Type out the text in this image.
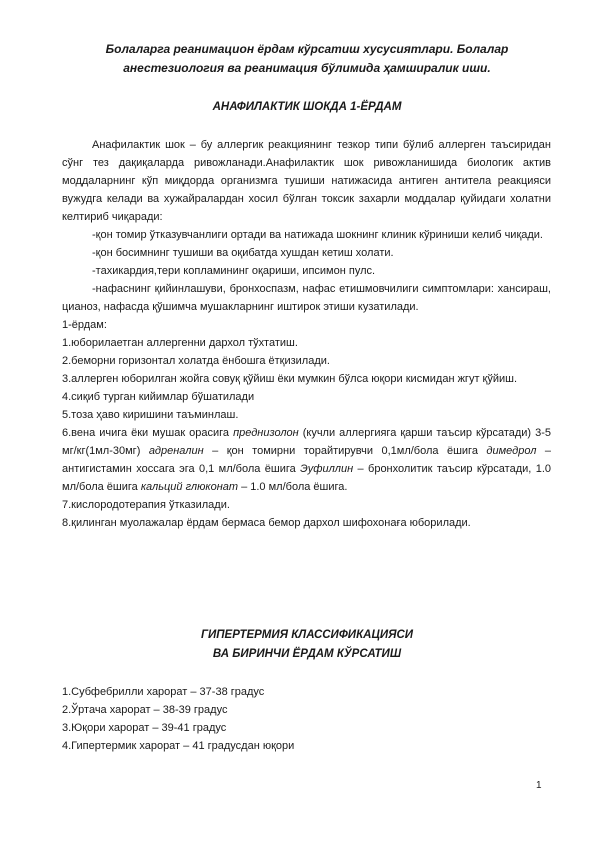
Болаларга реанимацион ёрдам кўрсатиш хусусиятлари. Болалар анестезиология ва реанимация бўлимида ҳамширалик иши.

АНАФИЛАКТИК ШОКДА 1-ЁРДАМ

Анафилактик шок – бу аллергик реакциянинг тезкор типи бўлиб аллерген таъсиридан сўнг тез дақиқаларда ривожланади.Анафилактик шок ривожланишида биологик актив моддаларнинг кўп миқдорда организмга тушиши натижасида антиген антитела реакцияси вужудга келади ва хужайралардан хосил бўлган токсик захарли моддалар қуйидаги холатни келтириб чиқаради:

-қон томир ўтказувчанлиги ортади ва натижада шокнинг клиник кўриниши келиб чиқади.

-қон босимнинг тушиши ва оқибатда хушдан кетиш холати.

-тахикардия,тери копламининг оқариши, ипсимон пулс.

-нафаснинг қийинлашуви, бронхоспазм, нафас етишмовчилиги симптомлари: хансираш, цианоз, нафасда қўшимча мушакларнинг иштирок этиши кузатилади.

1-ёрдам:

1.юборилаетган аллергенни дархол тўхтатиш.

2.беморни горизонтал холатда ёнбошга ётқизилади.

3.аллерген юборилган жойга совуқ қўйиш ёки мумкин бўлса юқори кисмидан жгут қўйиш.

4.сиқиб турган кийимлар бўшатилади

5.тоза ҳаво киришини таъминлаш.

6.вена ичига ёки мушак орасига преднизолон (кучли аллергияга қарши таъсир кўрсатади) 3-5 мг/кг(1мл-30мг) адреналин – қон томирни торайтирувчи 0,1мл/бола ёшига димедрол – антигистамин хоссага эга 0,1 мл/бола ёшига Эуфиллин – бронхолитик таъсир кўрсатади, 1.0 мл/бола ёшига кальций глюконат – 1.0 мл/бола ёшига.

7.кислородотерапия ўтказилади.

8.қилинган муолажалар ёрдам бермаса бемор дархол шифохонаға юборилади.

ГИПЕРТЕРМИЯ КЛАССИФИКАЦИЯСИ

ВА БИРИНЧИ ЁРДАМ КЎРСАТИШ

1.Субфебрилли харорат – 37-38 градус
2.Ўртача харорат – 38-39 градус
3.Юқори харорат – 39-41 градус
4.Гипертермик харорат – 41 градусдан юқори
1
